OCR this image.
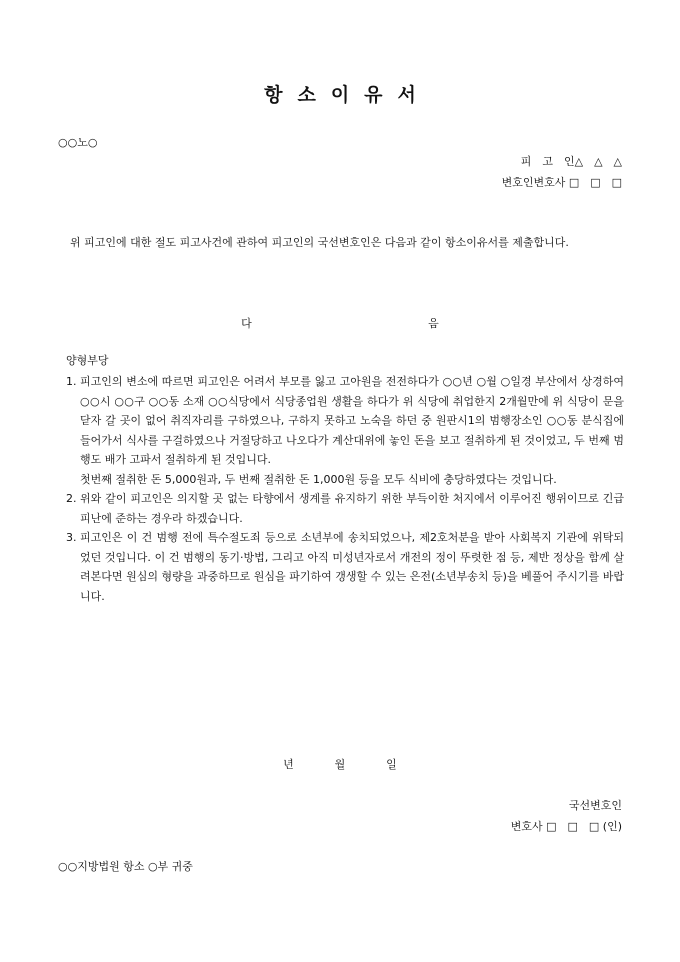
항소이유서
○○노○
피　고　인△　△　△
변호인변호사 □　□　□
위 피고인에 대한 절도 피고사건에 관하여 피고인의 국선변호인은 다음과 같이 항소이유서를 제출합니다.
다	음
양형부당
1. 피고인의 변소에 따르면 피고인은 어려서 부모를 잃고 고아원을 전전하다가 ○○년 ○월 ○일경 부산에서 상경하여 ○○시 ○○구 ○○동 소재 ○○식당에서 식당종업원 생활을 하다가 위 식당에 취업한지 2개월만에 위 식당이 문을 닫자 갈 곳이 없어 취직자리를 구하였으나, 구하지 못하고 노숙을 하던 중 원판시1의 범행장소인 ○○동 분식집에 들어가서 식사를 구걸하였으나 거절당하고 나오다가 계산대위에 놓인 돈을 보고 절취하게 된 것이었고, 두 번째 범행도 배가 고파서 절취하게 된 것입니다.

첫번째 절취한 돈 5,000원과, 두 번째 절취한 돈 1,000원 등을 모두 식비에 충당하였다는 것입니다.

2. 위와 같이 피고인은 의지할 곳 없는 타향에서 생계를 유지하기 위한 부득이한 처지에서 이루어진 행위이므로 긴급피난에 준하는 경우라 하겠습니다.

3. 피고인은 이 건 범행 전에 특수절도죄 등으로 소년부에 송치되었으나, 제2호처분을 받아 사회복지 기관에 위탁되었던 것입니다. 이 건 범행의 동기·방법, 그리고 아직 미성년자로서 개전의 정이 뚜렷한 점 등, 제반 정상을 함께 살려본다면 원심의 형량을 과중하므로 원심을 파기하여 갱생할 수 있는 은전(소년부송치 등)을 베풀어 주시기를 바랍니다.

년	월	일
국선변호인
변호사 □　□　□ (인)
○○지방법원 항소 ○부 귀중
